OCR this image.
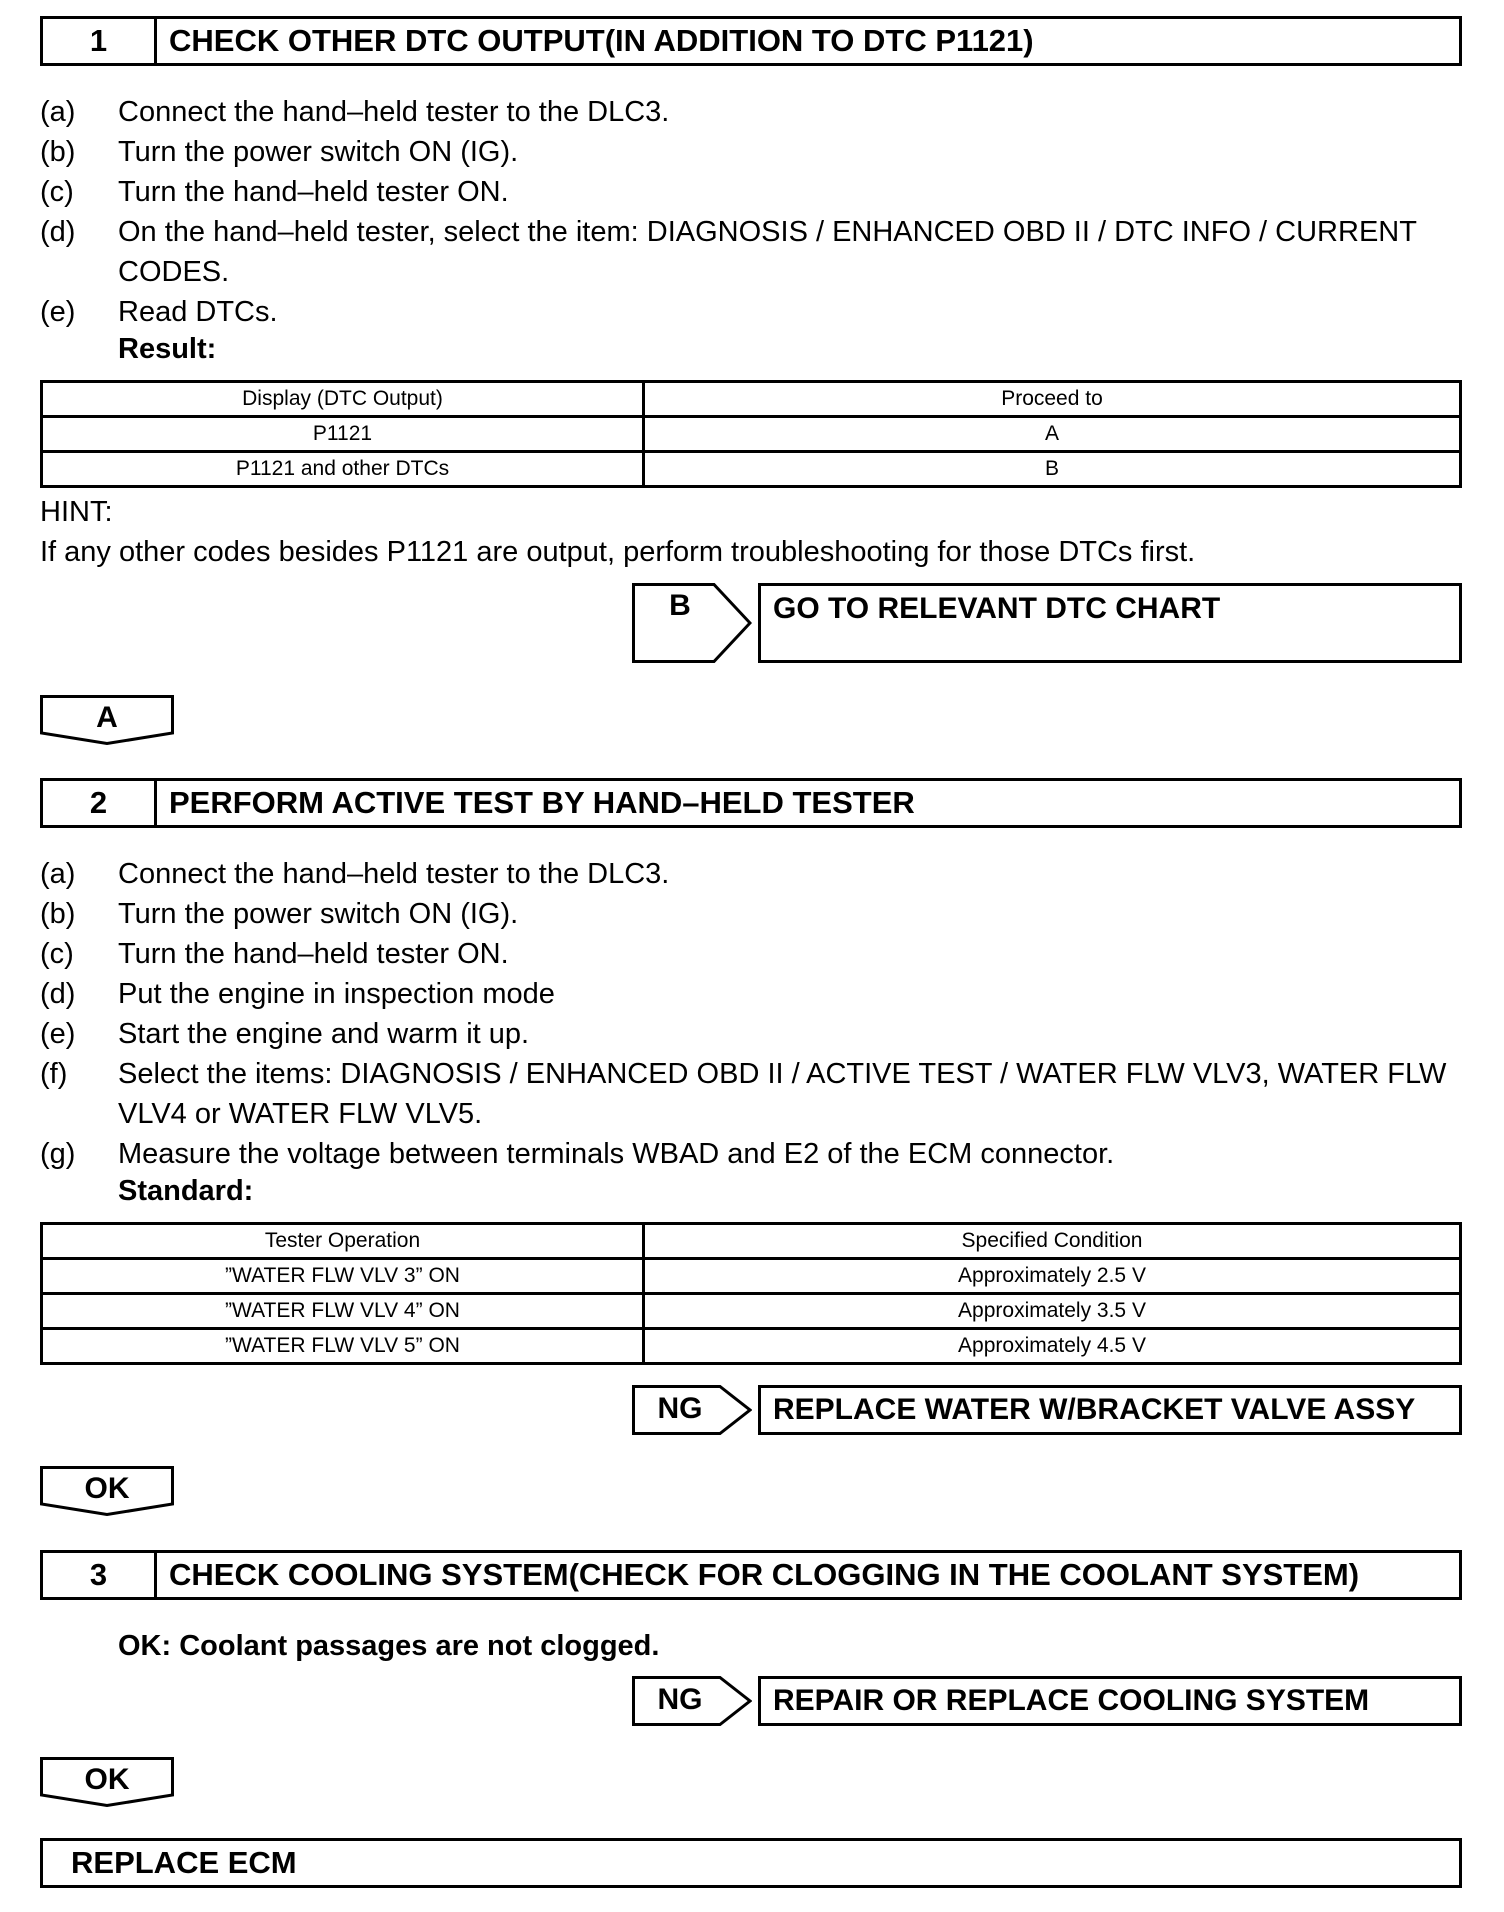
1	CHECK OTHER DTC OUTPUT(IN ADDITION TO DTC P1121)
(a)	Connect the hand–held tester to the DLC3.
(b)	Turn the power switch ON (IG).
(c)	Turn the hand–held tester ON.
(d)	On the hand–held tester, select the item: DIAGNOSIS / ENHANCED OBD II / DTC INFO / CURRENT CODES.
(e)	Read DTCs.
Result:
Display (DTC Output)	Proceed to
P1121	A
P1121 and other DTCs	B
HINT:
If any other codes besides P1121 are output, perform troubleshooting for those DTCs first.
B	GO TO RELEVANT DTC CHART
A
2	PERFORM ACTIVE TEST BY HAND–HELD TESTER
(a)	Connect the hand–held tester to the DLC3.
(b)	Turn the power switch ON (IG).
(c)	Turn the hand–held tester ON.
(d)	Put the engine in inspection mode
(e)	Start the engine and warm it up.
(f)	Select the items: DIAGNOSIS / ENHANCED OBD II / ACTIVE TEST / WATER FLW VLV3, WATER FLW VLV4 or WATER FLW VLV5.
(g)	Measure the voltage between terminals WBAD and E2 of the ECM connector.
Standard:
Tester Operation	Specified Condition
”WATER FLW VLV 3” ON	Approximately 2.5 V
”WATER FLW VLV 4” ON	Approximately 3.5 V
”WATER FLW VLV 5” ON	Approximately 4.5 V
NG	REPLACE WATER W/BRACKET VALVE ASSY
OK
3	CHECK COOLING SYSTEM(CHECK FOR CLOGGING IN THE COOLANT SYSTEM)
OK: Coolant passages are not clogged.
NG	REPAIR OR REPLACE COOLING SYSTEM
OK
REPLACE ECM
